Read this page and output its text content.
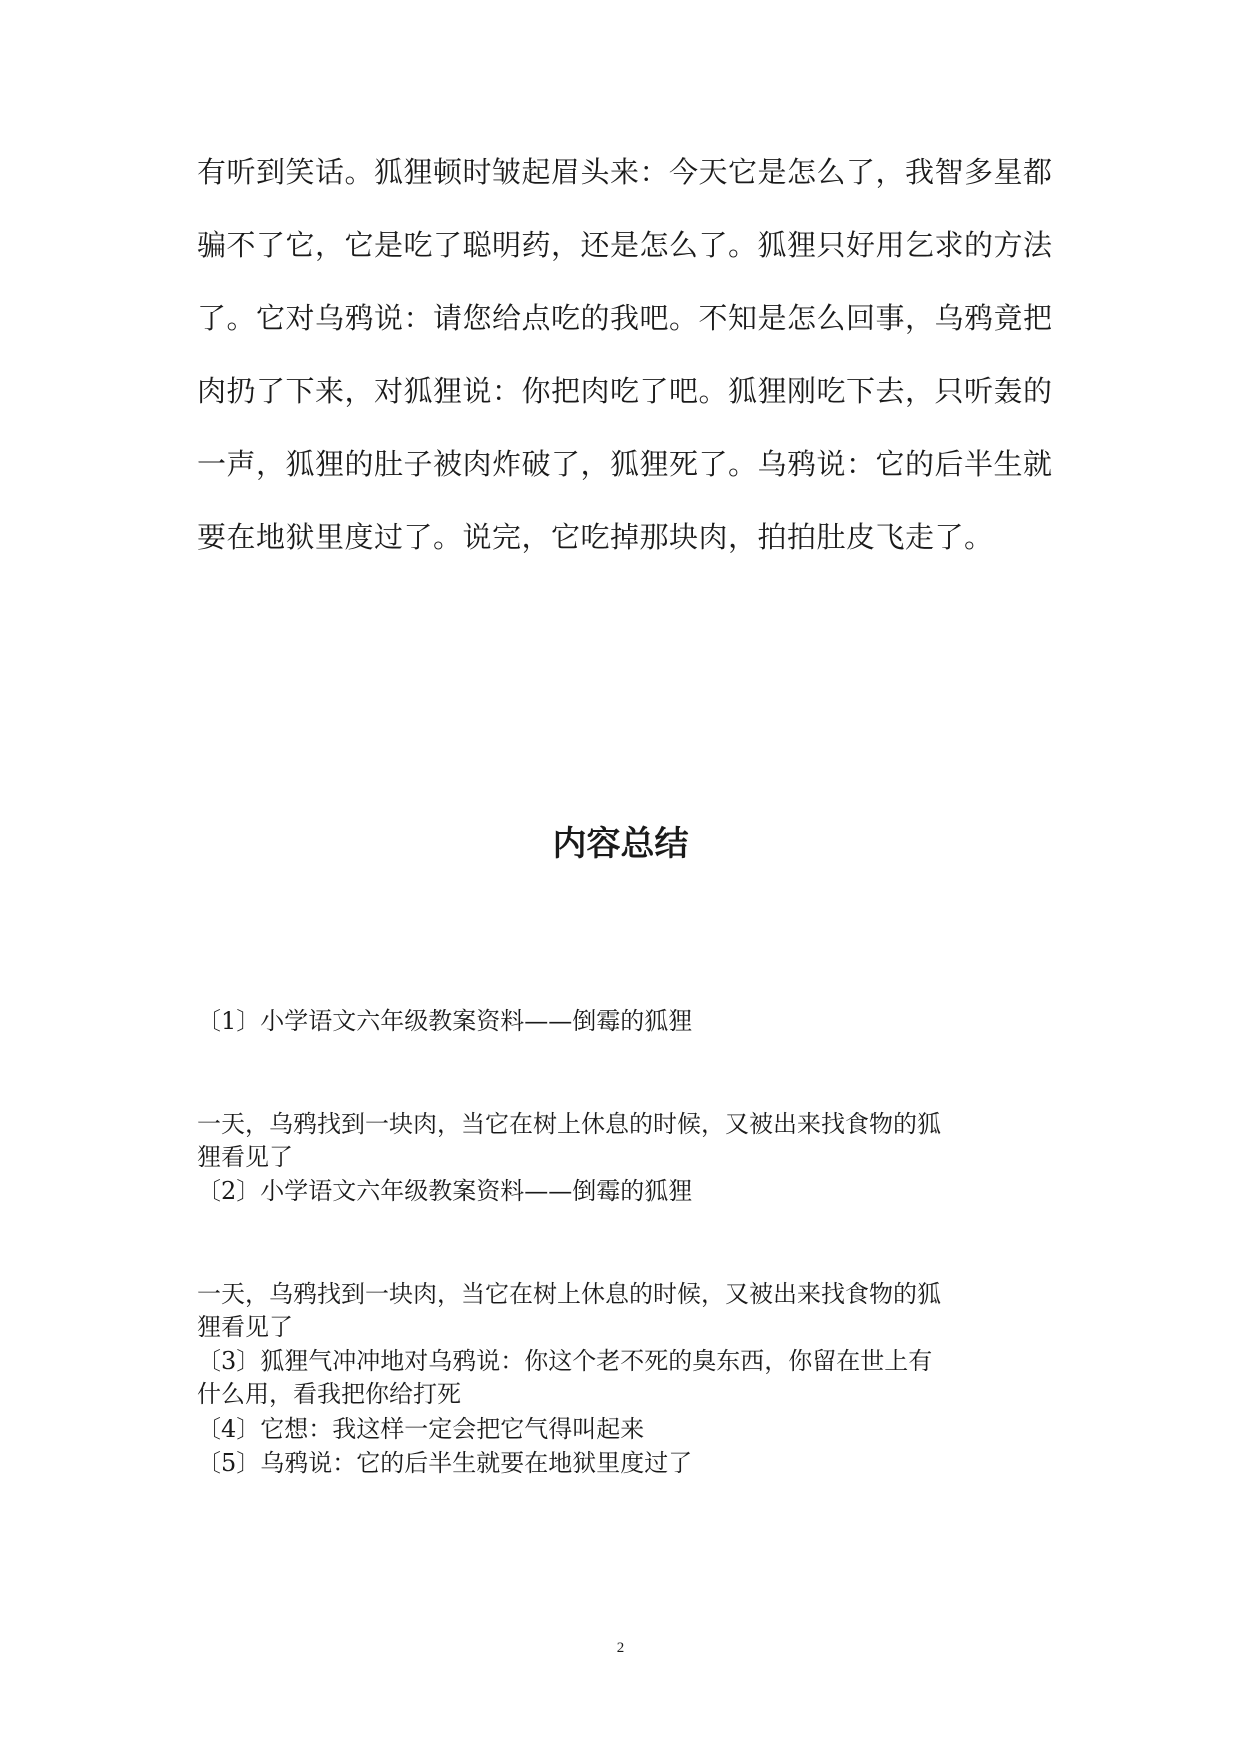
有听到笑话。狐狸顿时皱起眉头来：今天它是怎么了，我智多星都
骗不了它，它是吃了聪明药，还是怎么了。狐狸只好用乞求的方法
了。它对乌鸦说：请您给点吃的我吧。不知是怎么回事，乌鸦竟把
肉扔了下来，对狐狸说：你把肉吃了吧。狐狸刚吃下去，只听轰的
一声，狐狸的肚子被肉炸破了，狐狸死了。乌鸦说：它的后半生就
要在地狱里度过了。说完，它吃掉那块肉，拍拍肚皮飞走了。
内容总结
〔1〕小学语文六年级教案资料——倒霉的狐狸
一天，乌鸦找到一块肉，当它在树上休息的时候，又被出来找食物的狐
狸看见了
〔2〕小学语文六年级教案资料——倒霉的狐狸
一天，乌鸦找到一块肉，当它在树上休息的时候，又被出来找食物的狐
狸看见了
〔3〕狐狸气冲冲地对乌鸦说：你这个老不死的臭东西，你留在世上有
什么用，看我把你给打死
〔4〕它想：我这样一定会把它气得叫起来
〔5〕乌鸦说：它的后半生就要在地狱里度过了
2
